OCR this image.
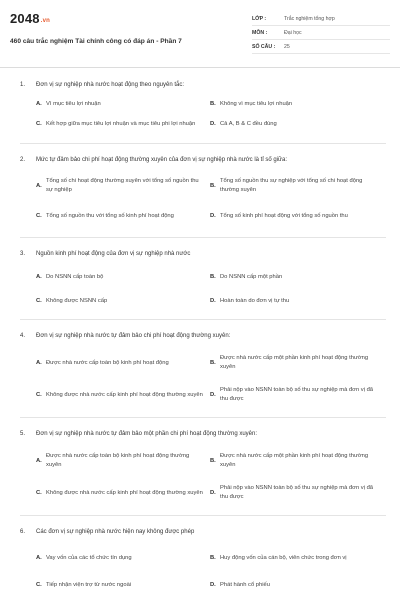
2048.vn
460 câu trắc nghiệm Tài chính công có đáp án - Phần 7
LỚP :	Trắc nghiệm tổng hợp
MÔN :	Đại học
SỐ CÂU :	25
1.	Đơn vị sự nghiệp nhà nước hoạt động theo nguyên tắc:
A. Vì mục tiêu lợi nhuận	B. Không vì mục tiêu lợi nhuận
C. Kết hợp giữa mục tiêu lợi nhuận và mục tiêu phi lợi nhuận	D. Cả A, B & C đều đúng
2.	Mức tự đảm bảo chi phí hoạt động thường xuyên của đơn vị sự nghiệp nhà nước là tỉ số giữa:
A.
Tổng số chi hoạt động thường xuyên với tổng số nguồn thu sự nghiệp
B.
Tổng số nguồn thu sự nghiệp với tổng số chi hoạt động thường xuyên
C. Tổng số nguồn thu với tổng số kinh phí hoạt động	D. Tổng số kinh phí hoạt động với tổng số nguồn thu
3.	Nguồn kinh phí hoạt động của đơn vị sự nghiệp nhà nước
A. Do NSNN cấp toàn bộ	B. Do NSNN cấp một phần
C. Không được NSNN cấp	D. Hoàn toàn do đơn vị tự thu
4.	Đơn vị sự nghiệp nhà nước tự đảm bảo chi phí hoạt động thường xuyên:
A. Được nhà nước cấp toàn bộ kinh phí hoạt động	B.
Được nhà nước cấp một phần kinh phí hoạt động thường xuyên
C. Không được nhà nước cấp kinh phí hoạt động thường xuyên	D.
Phải nộp vào NSNN toàn bộ số thu sự nghiệp mà đơn vị đã thu được
5.	Đơn vị sự nghiệp nhà nước tự đảm bảo một phần chi phí hoạt động thường xuyên:
A.
Được nhà nước cấp toàn bộ kinh phí hoạt động thường xuyên
B.
Được nhà nước cấp một phần kinh phí hoạt động thường xuyên
C. Không được nhà nước cấp kinh phí hoạt động thường xuyên	D.
Phải nộp vào NSNN toàn bộ số thu sự nghiệp mà đơn vị đã thu được
6.	Các đơn vị sự nghiệp nhà nước hiện nay không được phép
A. Vay vốn của các tổ chức tín dụng	B. Huy động vốn của cán bộ, viên chức trong đơn vị
C. Tiếp nhận viện trợ từ nước ngoài	D. Phát hành cổ phiếu
